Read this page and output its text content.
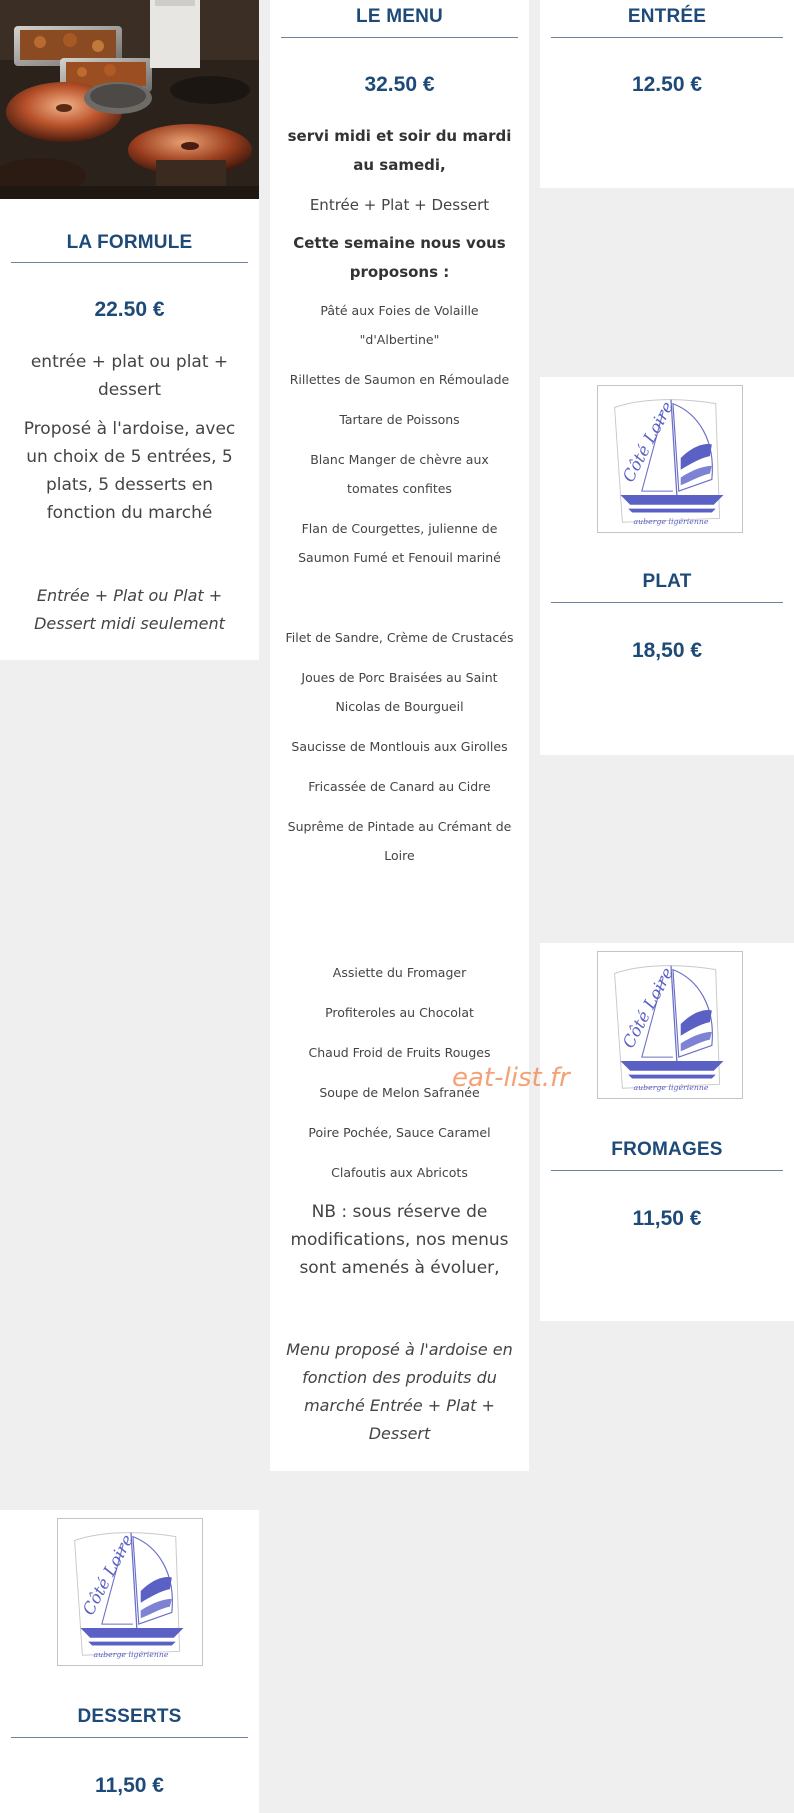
LA FORMULE
22.50 €
entrée + plat ou plat +
dessert
Proposé à l'ardoise, avec
un choix de 5 entrées, 5
plats, 5 desserts en
fonction du marché
Entrée + Plat ou Plat +
Dessert midi seulement
DESSERTS
11,50 €
LE MENU
32.50 €
servi midi et soir du mardi
au samedi,
Entrée + Plat + Dessert
Cette semaine nous vous
proposons :
Pâté aux Foies de Volaille
"d'Albertine"
Rillettes de Saumon en Rémoulade
Tartare de Poissons
Blanc Manger de chèvre aux
tomates confites
Flan de Courgettes, julienne de
Saumon Fumé et Fenouil mariné
Filet de Sandre, Crème de Crustacés
Joues de Porc Braisées au Saint
Nicolas de Bourgueil
Saucisse de Montlouis aux Girolles
Fricassée de Canard au Cidre
Suprême de Pintade au Crémant de
Loire
Assiette du Fromager
Profiteroles au Chocolat
Chaud Froid de Fruits Rouges
Soupe de Melon Safranée
Poire Pochée, Sauce Caramel
Clafoutis aux Abricots
NB : sous réserve de
modifications, nos menus
sont amenés à évoluer,
Menu proposé à l'ardoise en
fonction des produits du
marché Entrée + Plat +
Dessert
ENTRÉE
12.50 €
PLAT
18,50 €
FROMAGES
11,50 €
eat-list.fr
